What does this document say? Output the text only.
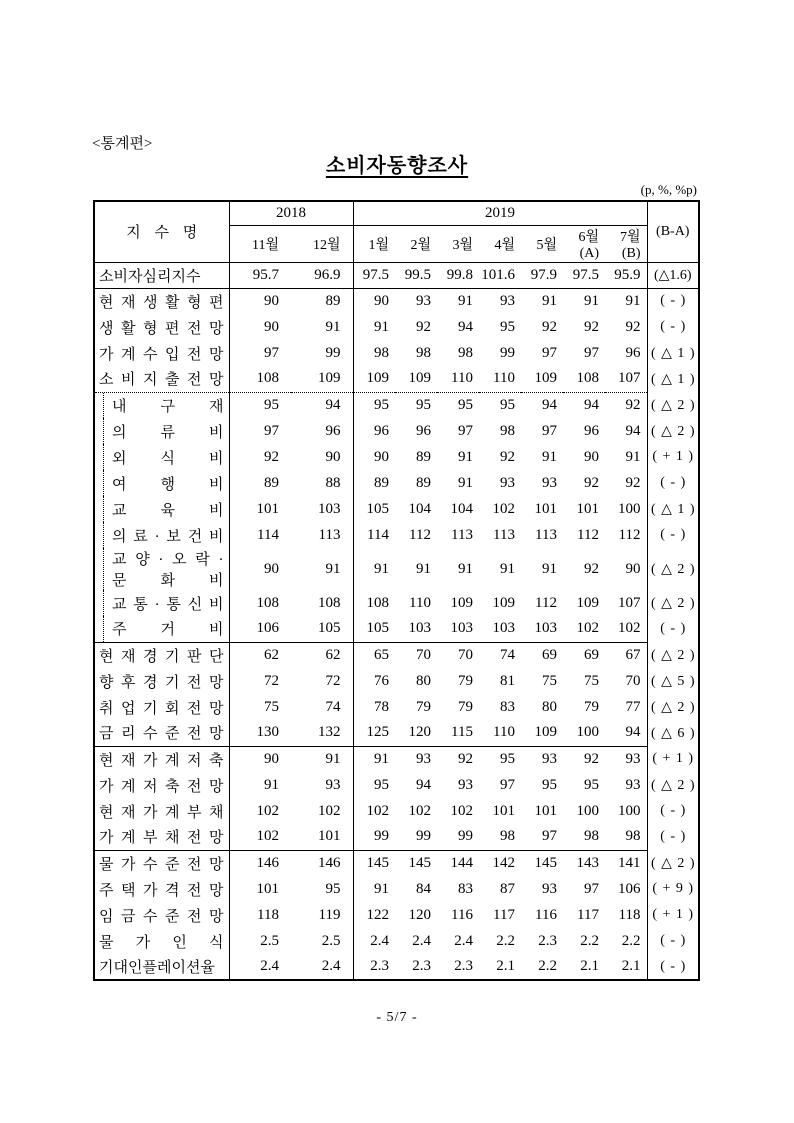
<통계편>
소비자동향조사
(p, %, %p)
지 수 명	2018		2019							(B-A)
	11월	12월	1월	2월	3월	4월	5월	6월(A)	7월(B)	

소비자심리지수	95.7	96.9	97.5	99.5	99.8	101.6	97.9	97.5	95.9	(△1.6)

현 재 생 활 형 편	90	89	90	93	91	93	91	91	91	( - )

생 활 형 편 전 망	90	91	91	92	94	95	92	92	92	( - )

가 계 수 입 전 망	97	99	98	98	98	99	97	97	96	( △ 1 )

소 비 지 출 전 망	108	109	109	109	110	110	109	108	107	( △ 1 )

내 구 재	95	94	95	95	95	95	94	94	92	( △ 2 )

의 류 비	97	96	96	96	97	98	97	96	94	( △ 2 )

외 식 비	92	90	90	89	91	92	91	90	91	( + 1 )

여 행 비	89	88	89	89	91	93	93	92	92	( - )

교 육 비	101	103	105	104	104	102	101	101	100	( △ 1 )

의 료 · 보 건 비	114	113	114	112	113	113	113	112	112	( - )

교 양 · 오 락 ·
문 화 비	90	91	91	91	91	91	91	92	90	( △ 2 )

교 통 · 통 신 비	108	108	108	110	109	109	112	109	107	( △ 2 )

주 거 비	106	105	105	103	103	103	103	102	102	( - )

현 재 경 기 판 단	62	62	65	70	70	74	69	69	67	( △ 2 )

향 후 경 기 전 망	72	72	76	80	79	81	75	75	70	( △ 5 )

취 업 기 회 전 망	75	74	78	79	79	83	80	79	77	( △ 2 )

금 리 수 준 전 망	130	132	125	120	115	110	109	100	94	( △ 6 )

현 재 가 계 저 축	90	91	91	93	92	95	93	92	93	( + 1 )

가 계 저 축 전 망	91	93	95	94	93	97	95	95	93	( △ 2 )

현 재 가 계 부 채	102	102	102	102	102	101	101	100	100	( - )

가 계 부 채 전 망	102	101	99	99	99	98	97	98	98	( - )

물 가 수 준 전 망	146	146	145	145	144	142	145	143	141	( △ 2 )

주 택 가 격 전 망	101	95	91	84	83	87	93	97	106	( + 9 )

임 금 수 준 전 망	118	119	122	120	116	117	116	117	118	( + 1 )

물 가 인 식	2.5	2.5	2.4	2.4	2.4	2.2	2.3	2.2	2.2	( - )

기대인플레이션율	2.4	2.4	2.3	2.3	2.3	2.1	2.2	2.1	2.1	( - )
- 5/7 -
